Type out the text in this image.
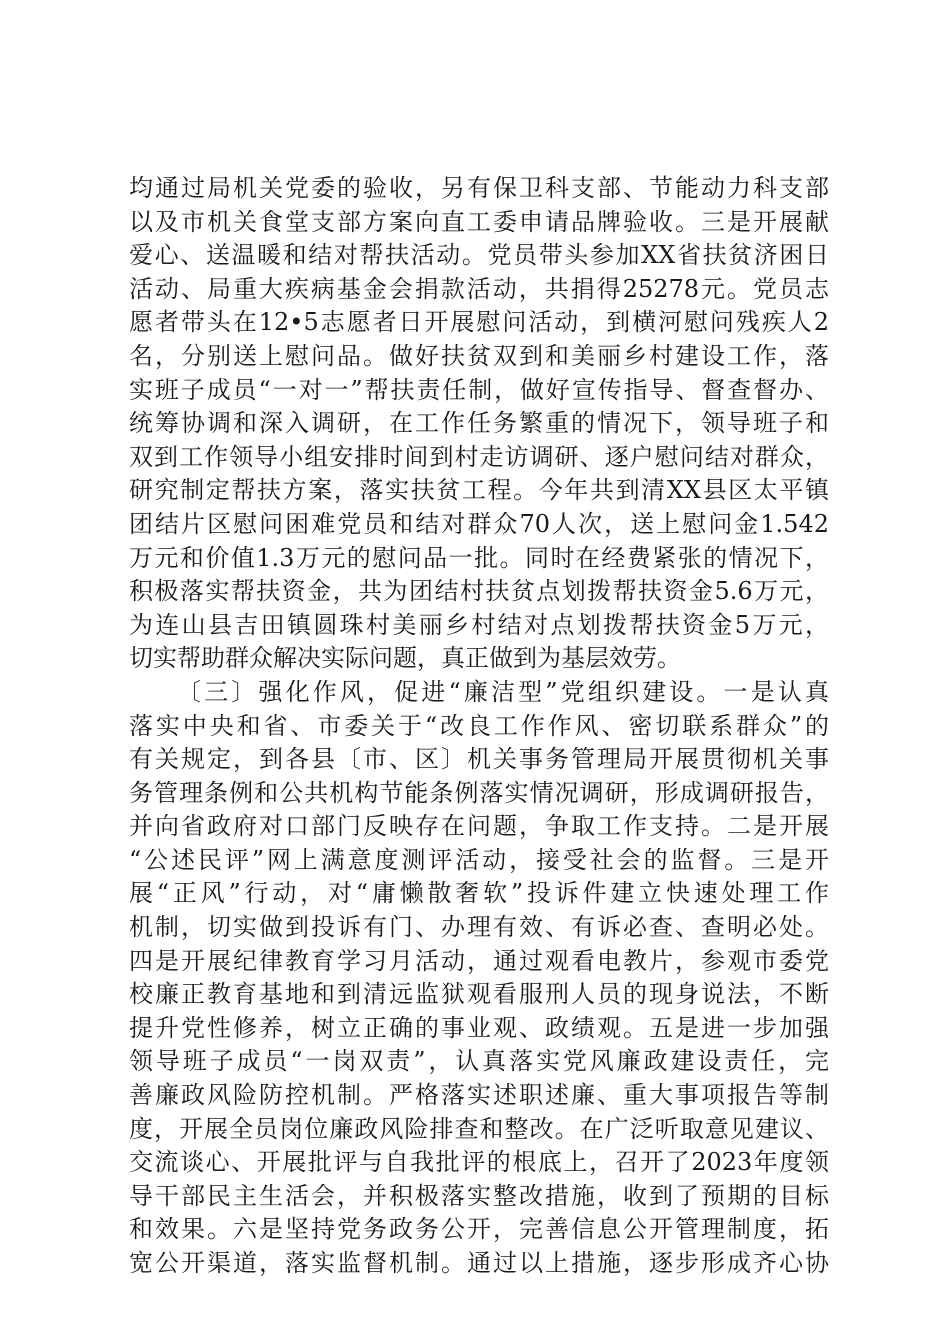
均通过局机关党委的验收，另有保卫科支部、节能动力科支部
以及市机关食堂支部方案向直工委申请品牌验收。三是开展献
爱心、送温暖和结对帮扶活动。党员带头参加XX省扶贫济困日
活动、局重大疾病基金会捐款活动，共捐得25278元。党员志
愿者带头在12•5志愿者日开展慰问活动，到横河慰问残疾人2
名，分别送上慰问品。做好扶贫双到和美丽乡村建设工作，落
实班子成员“一对一”帮扶责任制，做好宣传指导、督查督办、
统筹协调和深入调研，在工作任务繁重的情况下，领导班子和
双到工作领导小组安排时间到村走访调研、逐户慰问结对群众，
研究制定帮扶方案，落实扶贫工程。今年共到清XX县区太平镇
团结片区慰问困难党员和结对群众70人次，送上慰问金1.542
万元和价值1.3万元的慰问品一批。同时在经费紧张的情况下，
积极落实帮扶资金，共为团结村扶贫点划拨帮扶资金5.6万元，
为连山县吉田镇圆珠村美丽乡村结对点划拨帮扶资金5万元，
切实帮助群众解决实际问题，真正做到为基层效劳。
〔三〕强化作风，促进“廉洁型”党组织建设。一是认真
落实中央和省、市委关于“改良工作作风、密切联系群众”的
有关规定，到各县〔市、区〕机关事务管理局开展贯彻机关事
务管理条例和公共机构节能条例落实情况调研，形成调研报告，
并向省政府对口部门反映存在问题，争取工作支持。二是开展
“公述民评”网上满意度测评活动，接受社会的监督。三是开
展“正风”行动，对“庸懒散奢软”投诉件建立快速处理工作
机制，切实做到投诉有门、办理有效、有诉必查、查明必处。
四是开展纪律教育学习月活动，通过观看电教片，参观市委党
校廉正教育基地和到清远监狱观看服刑人员的现身说法，不断
提升党性修养，树立正确的事业观、政绩观。五是进一步加强
领导班子成员“一岗双责”，认真落实党风廉政建设责任，完
善廉政风险防控机制。严格落实述职述廉、重大事项报告等制
度，开展全员岗位廉政风险排查和整改。在广泛听取意见建议、
交流谈心、开展批评与自我批评的根底上，召开了2023年度领
导干部民主生活会，并积极落实整改措施，收到了预期的目标
和效果。六是坚持党务政务公开，完善信息公开管理制度，拓
宽公开渠道，落实监督机制。通过以上措施，逐步形成齐心协
